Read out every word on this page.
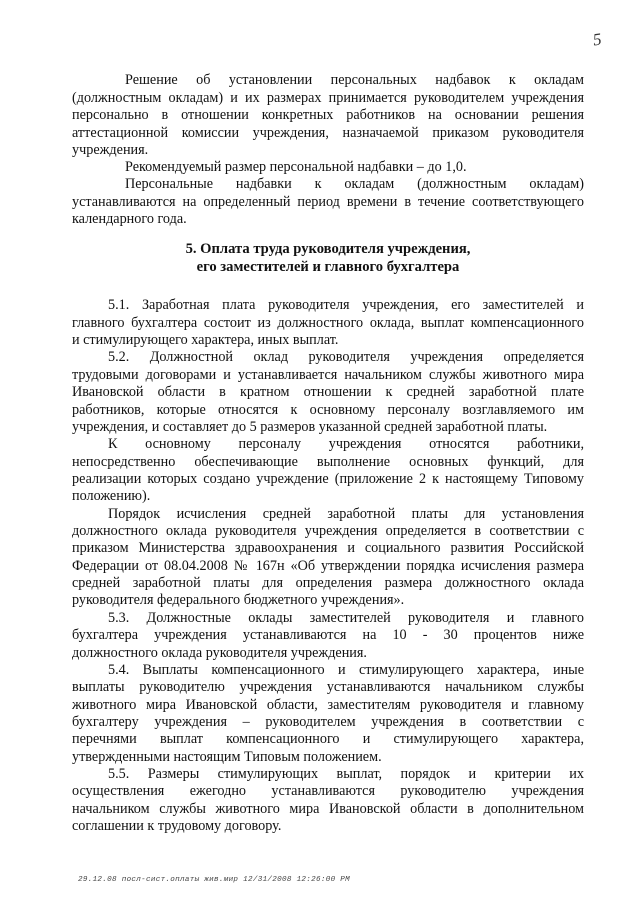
5
Решение об установлении персональных надбавок к окладам
(должностным окладам) и их размерах принимается руководителем учреждения
персонально в отношении конкретных работников на основании решения
аттестационной комиссии учреждения, назначаемой приказом руководителя
учреждения.
Рекомендуемый размер персональной надбавки – до 1,0.
Персональные надбавки к окладам (должностным окладам)
устанавливаются на определенный период времени в течение соответствующего
календарного года.
5. Оплата труда руководителя учреждения,
его заместителей и главного бухгалтера
5.1. Заработная плата руководителя учреждения, его заместителей и
главного бухгалтера состоит из должностного оклада, выплат компенсационного
и стимулирующего характера, иных выплат.
5.2. Должностной оклад руководителя учреждения определяется
трудовыми договорами и устанавливается начальником службы животного мира
Ивановской области в кратном отношении к средней заработной плате
работников, которые относятся к основному персоналу возглавляемого им
учреждения, и составляет до 5 размеров указанной средней заработной платы.
К основному персоналу учреждения относятся работники,
непосредственно обеспечивающие выполнение основных функций, для
реализации которых создано учреждение (приложение 2 к настоящему Типовому
положению).
Порядок исчисления средней заработной платы для установления
должностного оклада руководителя учреждения определяется в соответствии с
приказом Министерства здравоохранения и социального развития Российской
Федерации от 08.04.2008 № 167н «Об утверждении порядка исчисления размера
средней заработной платы для определения размера должностного оклада
руководителя федерального бюджетного учреждения».
5.3. Должностные оклады заместителей руководителя и главного
бухгалтера учреждения устанавливаются на 10 - 30 процентов ниже
должностного оклада руководителя учреждения.
5.4. Выплаты компенсационного и стимулирующего характера, иные
выплаты руководителю учреждения устанавливаются начальником службы
животного мира Ивановской области, заместителям руководителя и главному
бухгалтеру учреждения – руководителем учреждения в соответствии с
перечнями выплат компенсационного и стимулирующего характера,
утвержденными настоящим Типовым положением.
5.5. Размеры стимулирующих выплат, порядок и критерии их
осуществления ежегодно устанавливаются руководителю учреждения
начальником службы животного мира Ивановской области в дополнительном
соглашении к трудовому договору.
29.12.08 посл-сист.оплаты жив.мир 12/31/2008 12:26:00 PM
